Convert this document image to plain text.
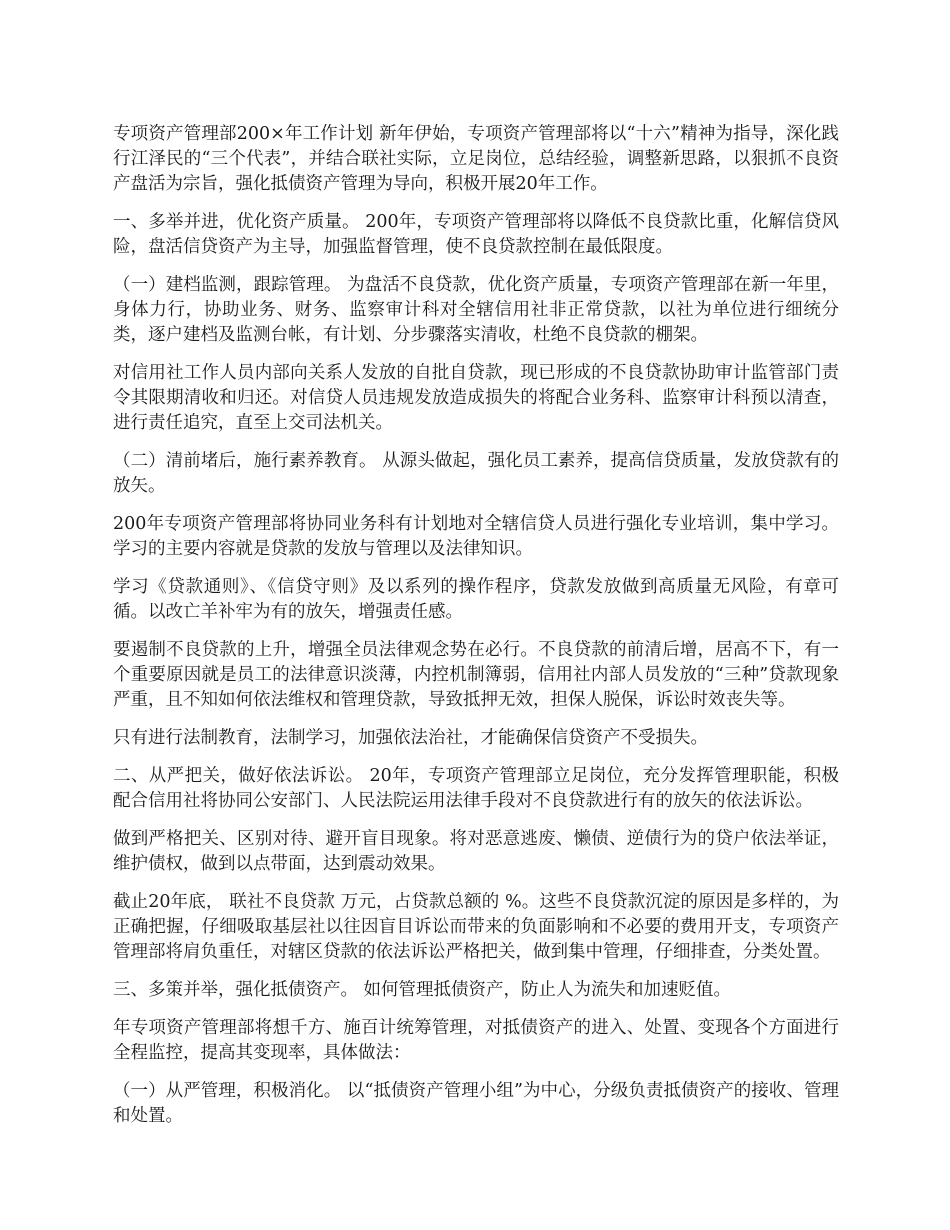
专项资产管理部200×年工作计划 新年伊始，专项资产管理部将以“十六”精神为指导，深化践行江泽民的“三个代表”，并结合联社实际，立足岗位，总结经验，调整新思路，以狠抓不良资产盘活为宗旨，强化抵债资产管理为导向，积极开展20年工作。

一、多举并进，优化资产质量。 200年，专项资产管理部将以降低不良贷款比重，化解信贷风险，盘活信贷资产为主导，加强监督管理，使不良贷款控制在最低限度。

（一）建档监测，跟踪管理。 为盘活不良贷款，优化资产质量，专项资产管理部在新一年里，身体力行，协助业务、财务、监察审计科对全辖信用社非正常贷款，以社为单位进行细统分类，逐户建档及监测台帐，有计划、分步骤落实清收，杜绝不良贷款的棚架。

对信用社工作人员内部向关系人发放的自批自贷款，现已形成的不良贷款协助审计监管部门责令其限期清收和归还。对信贷人员违规发放造成损失的将配合业务科、监察审计科预以清查，进行责任追究，直至上交司法机关。

（二）清前堵后，施行素养教育。 从源头做起，强化员工素养，提高信贷质量，发放贷款有的放矢。

200年专项资产管理部将协同业务科有计划地对全辖信贷人员进行强化专业培训，集中学习。学习的主要内容就是贷款的发放与管理以及法律知识。

学习《贷款通则》、《信贷守则》及以系列的操作程序，贷款发放做到高质量无风险，有章可循。以改亡羊补牢为有的放矢，增强责任感。

要遏制不良贷款的上升，增强全员法律观念势在必行。不良贷款的前清后增，居高不下，有一个重要原因就是员工的法律意识淡薄，内控机制簿弱，信用社内部人员发放的“三种”贷款现象严重，且不知如何依法维权和管理贷款，导致抵押无效，担保人脱保，诉讼时效丧失等。

只有进行法制教育，法制学习，加强依法治社，才能确保信贷资产不受损失。

二、从严把关，做好依法诉讼。 20年，专项资产管理部立足岗位，充分发挥管理职能，积极配合信用社将协同公安部门、人民法院运用法律手段对不良贷款进行有的放矢的依法诉讼。

做到严格把关、区别对待、避开盲目现象。将对恶意逃废、懒债、逆债行为的贷户依法举证，维护债权，做到以点带面，达到震动效果。

截止20年底， 联社不良贷款 万元，占贷款总额的 %。这些不良贷款沉淀的原因是多样的，为正确把握，仔细吸取基层社以往因盲目诉讼而带来的负面影响和不必要的费用开支，专项资产管理部将肩负重任，对辖区贷款的依法诉讼严格把关，做到集中管理，仔细排查，分类处置。

三、多策并举，强化抵债资产。 如何管理抵债资产，防止人为流失和加速贬值。

年专项资产管理部将想千方、施百计统筹管理，对抵债资产的进入、处置、变现各个方面进行全程监控，提高其变现率，具体做法：

（一）从严管理，积极消化。 以“抵债资产管理小组”为中心，分级负责抵债资产的接收、管理和处置。
